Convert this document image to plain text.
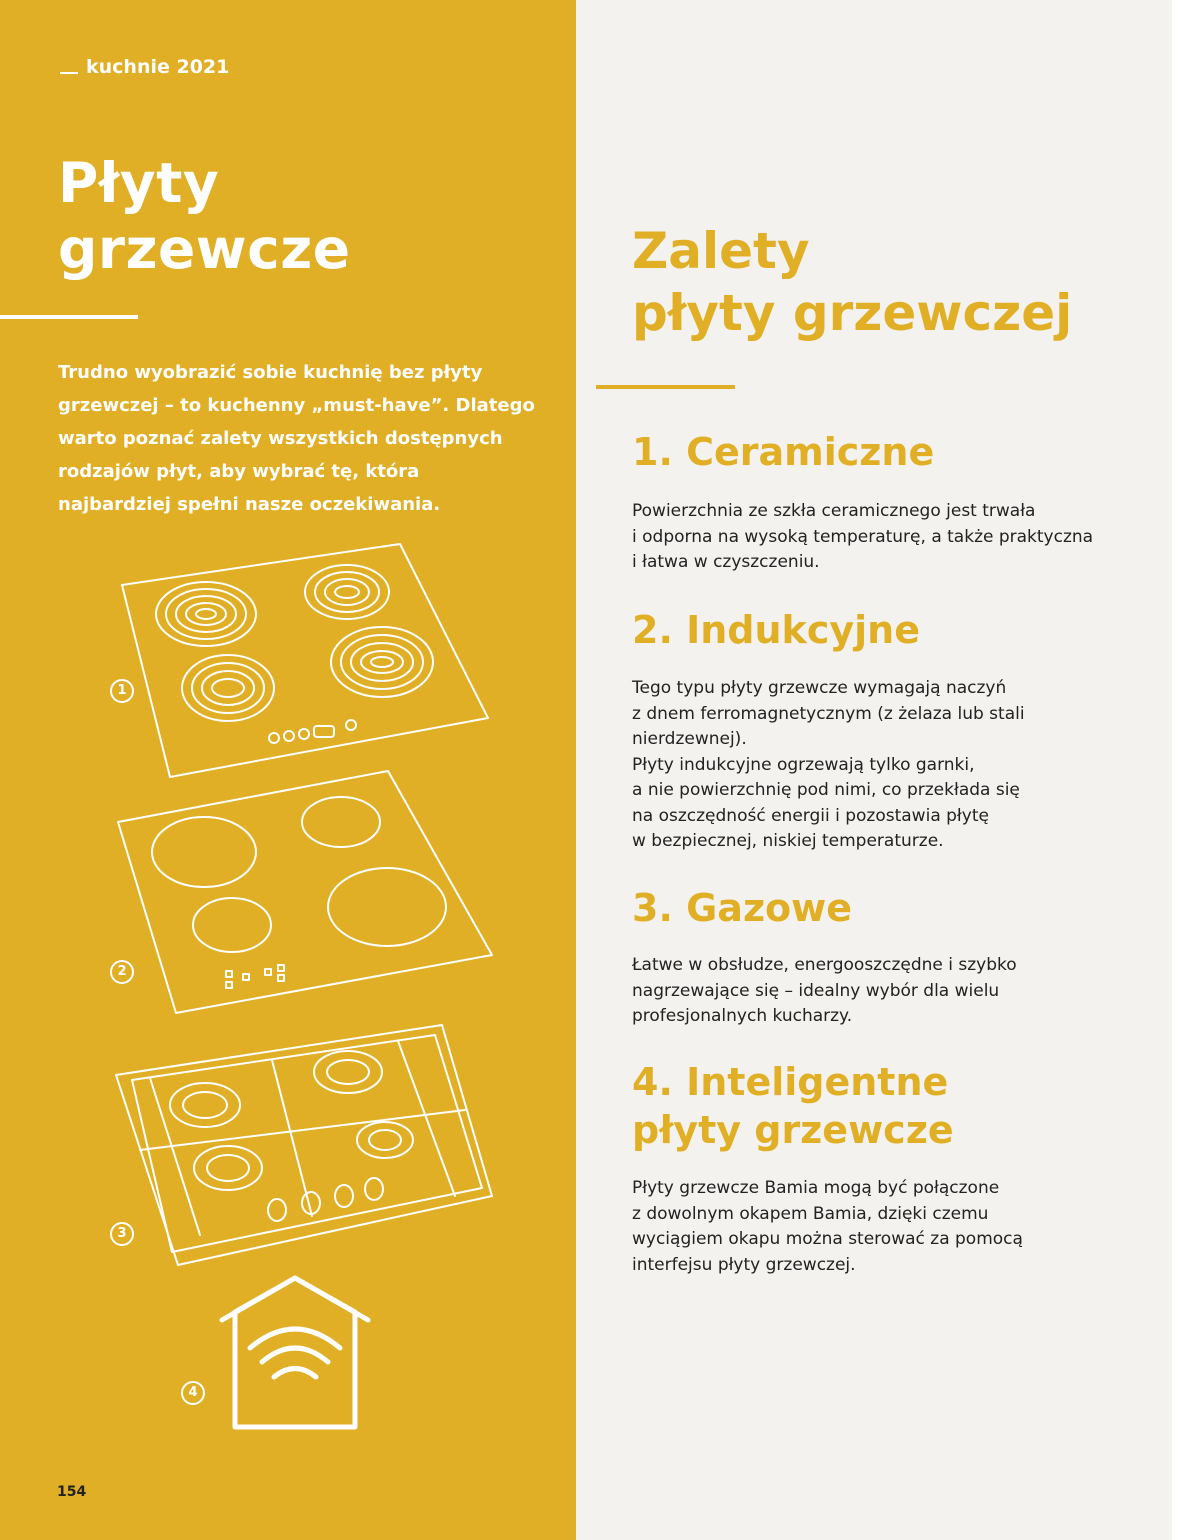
kuchnie 2021
Płyty
grzewcze
Trudno wyobrazić sobie kuchnię bez płyty grzewczej – to kuchenny „must-have”. Dlatego warto poznać zalety wszystkich dostępnych rodzajów płyt, aby wybrać tę, która najbardziej spełni nasze oczekiwania.
1
2
3
4
154
Zalety
płyty grzewczej
1. Ceramiczne
Powierzchnia ze szkła ceramicznego jest trwała
i odporna na wysoką temperaturę, a także praktyczna
i łatwa w czyszczeniu.
2. Indukcyjne
Tego typu płyty grzewcze wymagają naczyń
z dnem ferromagnetycznym (z żelaza lub stali
nierdzewnej).
Płyty indukcyjne ogrzewają tylko garnki,
a nie powierzchnię pod nimi, co przekłada się
na oszczędność energii i pozostawia płytę
w bezpiecznej, niskiej temperaturze.
3. Gazowe
Łatwe w obsłudze, energooszczędne i szybko
nagrzewające się – idealny wybór dla wielu
profesjonalnych kucharzy.
4. Inteligentne
płyty grzewcze
Płyty grzewcze Bamia mogą być połączone
z dowolnym okapem Bamia, dzięki czemu
wyciągiem okapu można sterować za pomocą
interfejsu płyty grzewczej.
